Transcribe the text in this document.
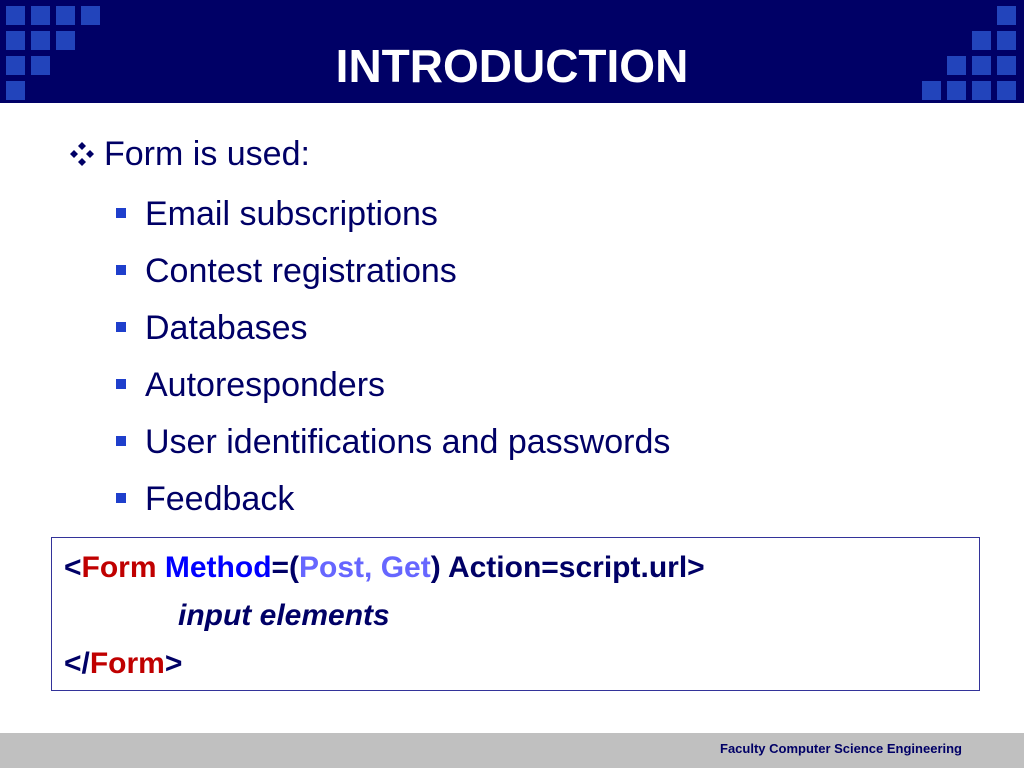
INTRODUCTION
Form is used:
Email subscriptions
Contest registrations
Databases
Autoresponders
User identifications and passwords
Feedback
<Form Method=(Post, Get) Action=script.url>
input elements
</Form>
Faculty Computer Science Engineering
